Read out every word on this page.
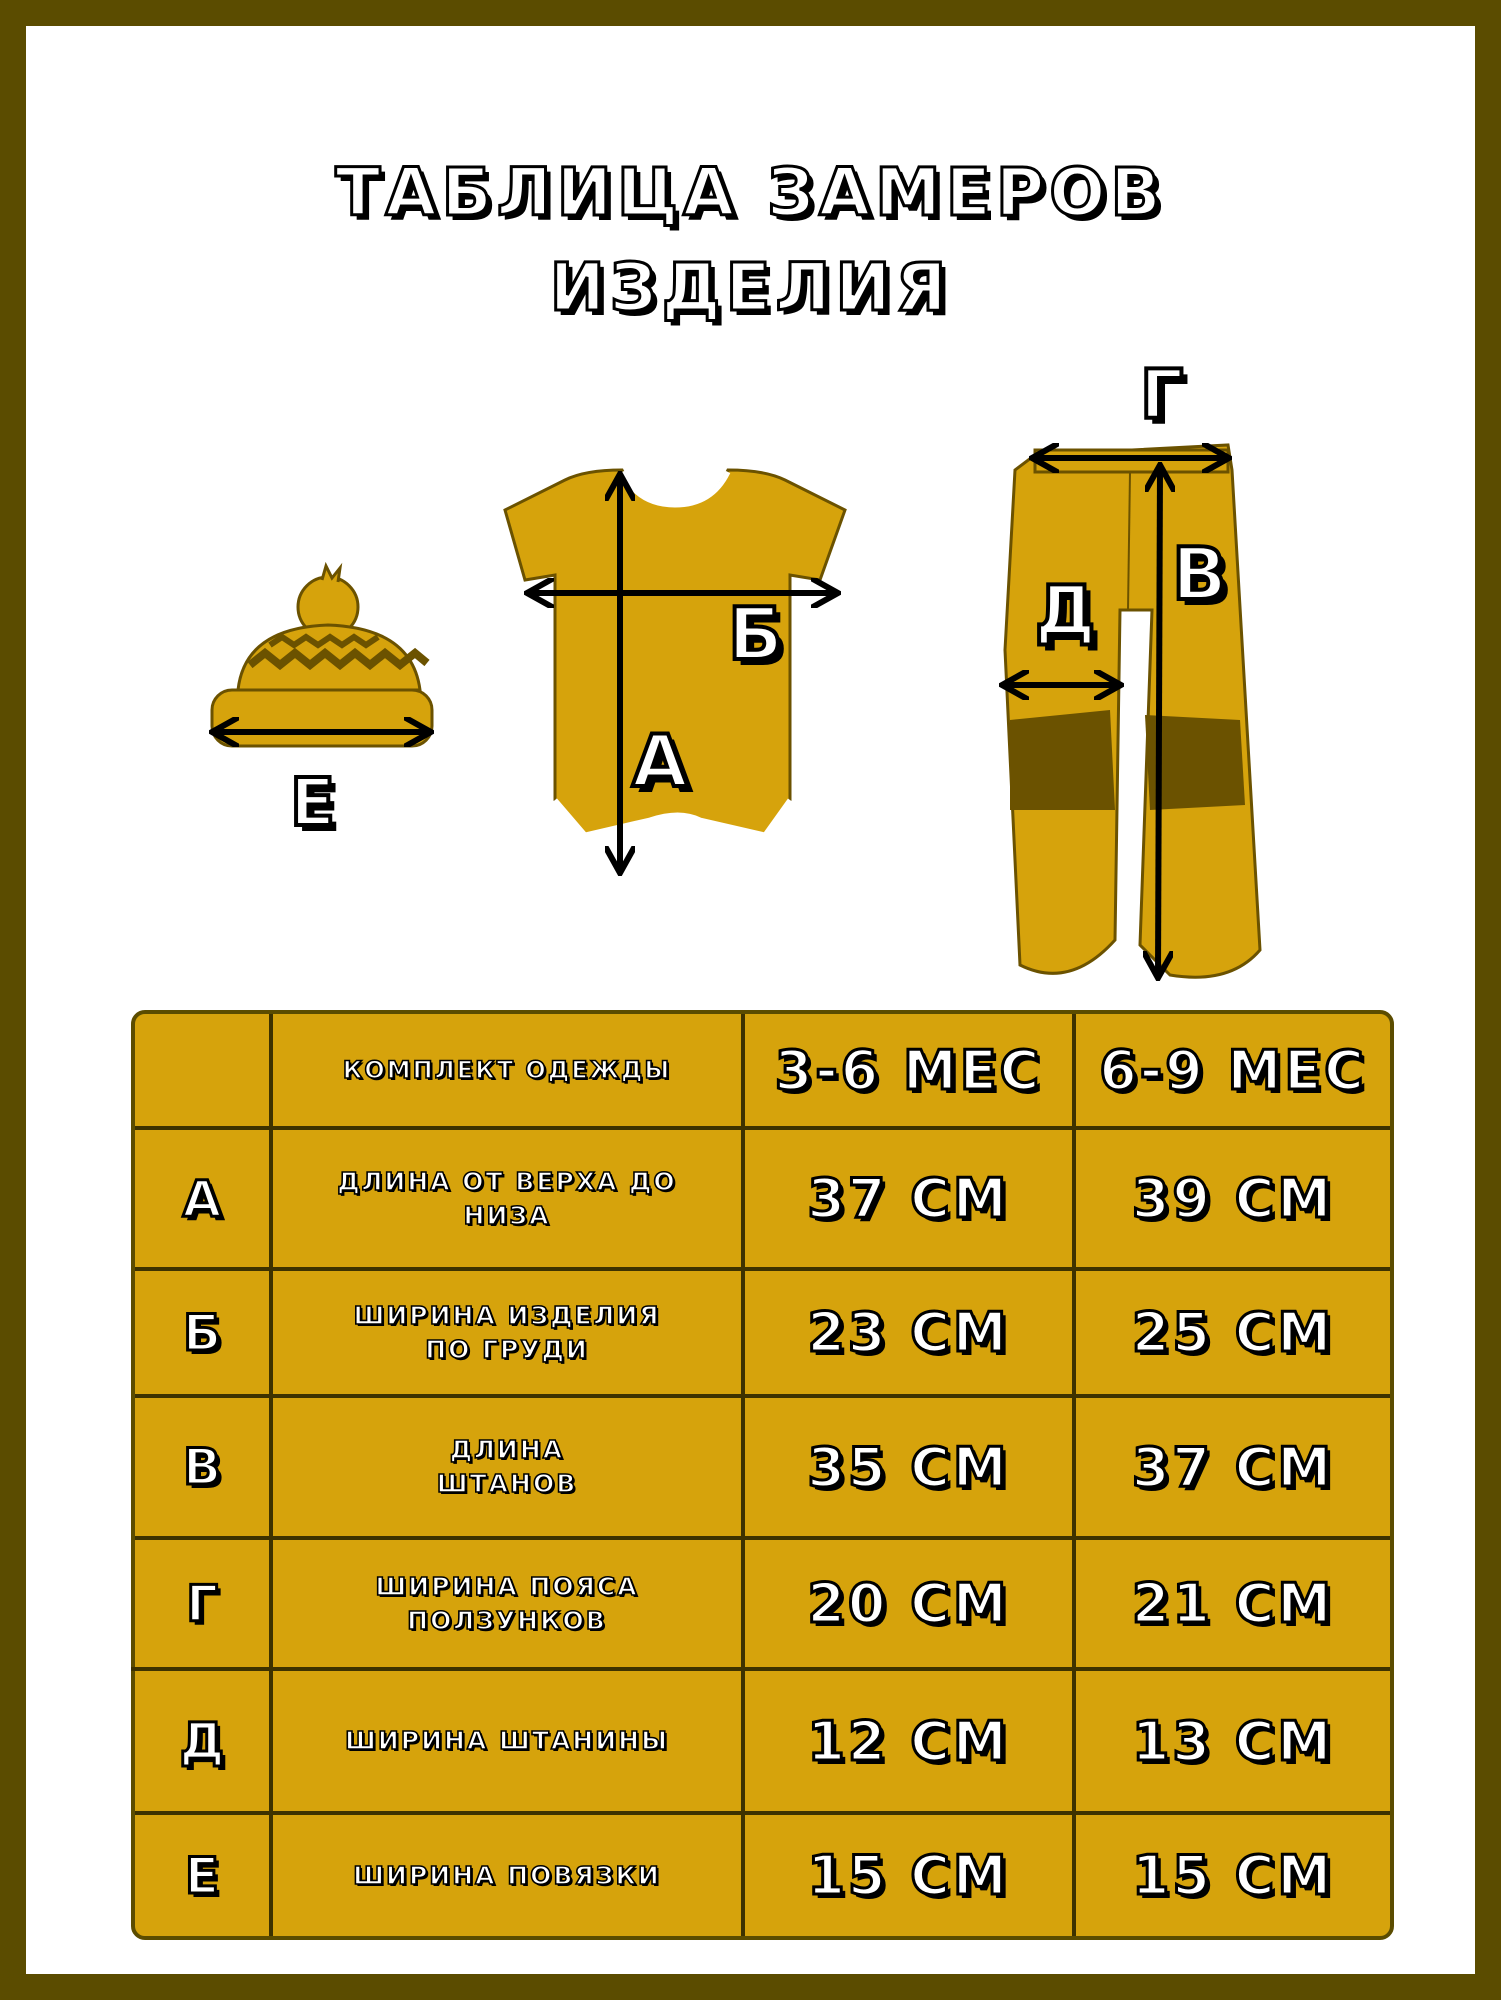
ТАБЛИЦА ЗАМЕРОВ
ИЗДЕЛИЯ
Е
Б
А
Г
В
Д
КОМПЛЕКТ ОДЕЖДЫ	3-6 МЕС	6-9 МЕС
А	ДЛИНА ОТ ВЕРХА ДО
НИЗА	37 СМ	39 СМ
Б	ШИРИНА ИЗДЕЛИЯ
ПО ГРУДИ	23 СМ	25 СМ
В	ДЛИНА
ШТАНОВ	35 СМ	37 СМ
Г	ШИРИНА ПОЯСА
ПОЛЗУНКОВ	20 СМ	21 СМ
Д	ШИРИНА ШТАНИНЫ	12 СМ	13 СМ
Е	ШИРИНА ПОВЯЗКИ	15 СМ	15 СМ
